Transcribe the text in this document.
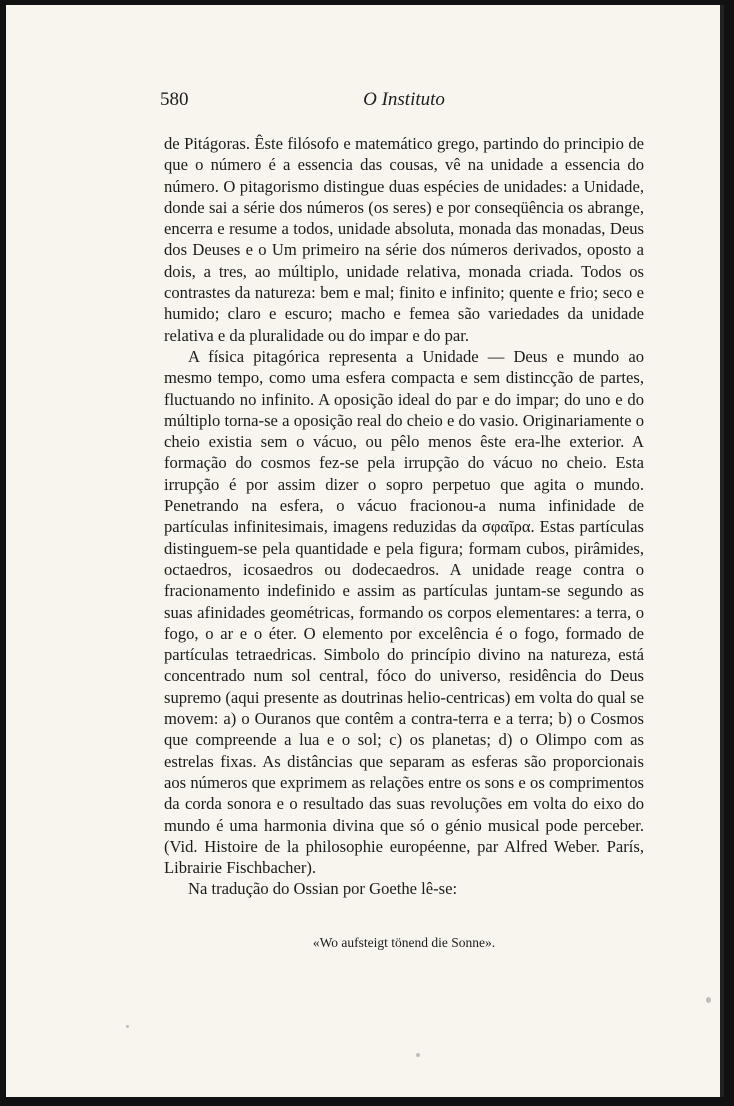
580	O Instituto

de Pitágoras. Êste filósofo e matemático grego, partindo do principio de que o número é a essencia das cousas, vê na unidade a essencia do número. O pitagorismo distingue duas espécies de unidades: a Unidade, donde sai a série dos números (os seres) e por conseqüência os abrange, encerra e resume a todos, unidade absoluta, monada das monadas, Deus dos Deuses e o Um primeiro na série dos números derivados, oposto a dois, a tres, ao múltiplo, unidade relativa, monada criada. Todos os contrastes da natureza: bem e mal; finito e infinito; quente e frio; seco e humido; claro e escuro; macho e femea são variedades da unidade relativa e da pluralidade ou do impar e do par.

A física pitagórica representa a Unidade — Deus e mundo ao mesmo tempo, como uma esfera compacta e sem distincção de partes, fluctuando no infinito. A oposição ideal do par e do impar; do uno e do múltiplo torna-se a oposição real do cheio e do vasio. Originariamente o cheio existia sem o vácuo, ou pêlo menos êste era-lhe exterior. A formação do cosmos fez-se pela irrupção do vácuo no cheio. Esta irrupção é por assim dizer o sopro perpetuo que agita o mundo. Penetrando na esfera, o vácuo fracionou-a numa infinidade de partículas infinitesimais, imagens reduzidas da σφαῖρα. Estas partículas distinguem-se pela quantidade e pela figura; formam cubos, pirâmides, octaedros, icosaedros ou dodecaedros. A unidade reage contra o fracionamento indefinido e assim as partículas juntam-se segundo as suas afinidades geométricas, formando os corpos elementares: a terra, o fogo, o ar e o éter. O elemento por excelência é o fogo, formado de partículas tetraedricas. Simbolo do princípio divino na natureza, está concentrado num sol central, fóco do universo, residência do Deus supremo (aqui presente as doutrinas helio-centricas) em volta do qual se movem: a) o Ouranos que contêm a contra-terra e a terra; b) o Cosmos que compreende a lua e o sol; c) os planetas; d) o Olimpo com as estrelas fixas. As distâncias que separam as esferas são proporcionais aos números que exprimem as relações entre os sons e os comprimentos da corda sonora e o resultado das suas revoluções em volta do eixo do mundo é uma harmonia divina que só o génio musical pode perceber. (Vid. Histoire de la philosophie européenne, par Alfred Weber. París, Librairie Fischbacher).

Na tradução do Ossian por Goethe lê-se:

«Wo aufsteigt tönend die Sonne».
